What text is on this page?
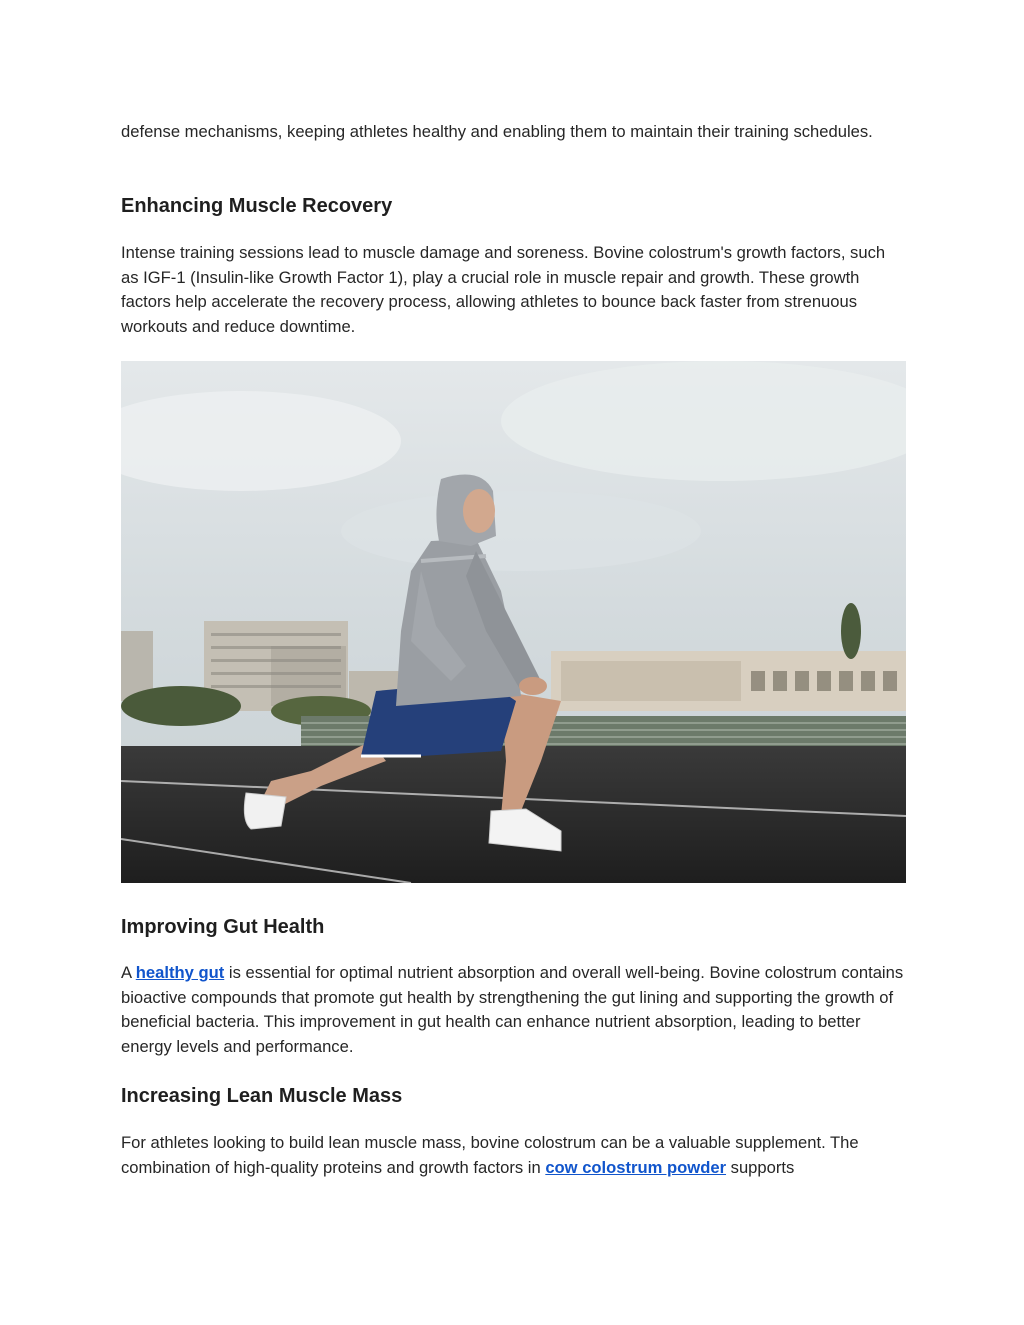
defense mechanisms, keeping athletes healthy and enabling them to maintain their training schedules.

Enhancing Muscle Recovery

Intense training sessions lead to muscle damage and soreness. Bovine colostrum's growth factors, such as IGF-1 (Insulin-like Growth Factor 1), play a crucial role in muscle repair and growth. These growth factors help accelerate the recovery process, allowing athletes to bounce back faster from strenuous workouts and reduce downtime.

Improving Gut Health

A healthy gut is essential for optimal nutrient absorption and overall well-being. Bovine colostrum contains bioactive compounds that promote gut health by strengthening the gut lining and supporting the growth of beneficial bacteria. This improvement in gut health can enhance nutrient absorption, leading to better energy levels and performance.

Increasing Lean Muscle Mass

For athletes looking to build lean muscle mass, bovine colostrum can be a valuable supplement. The combination of high-quality proteins and growth factors in cow colostrum powder supports
